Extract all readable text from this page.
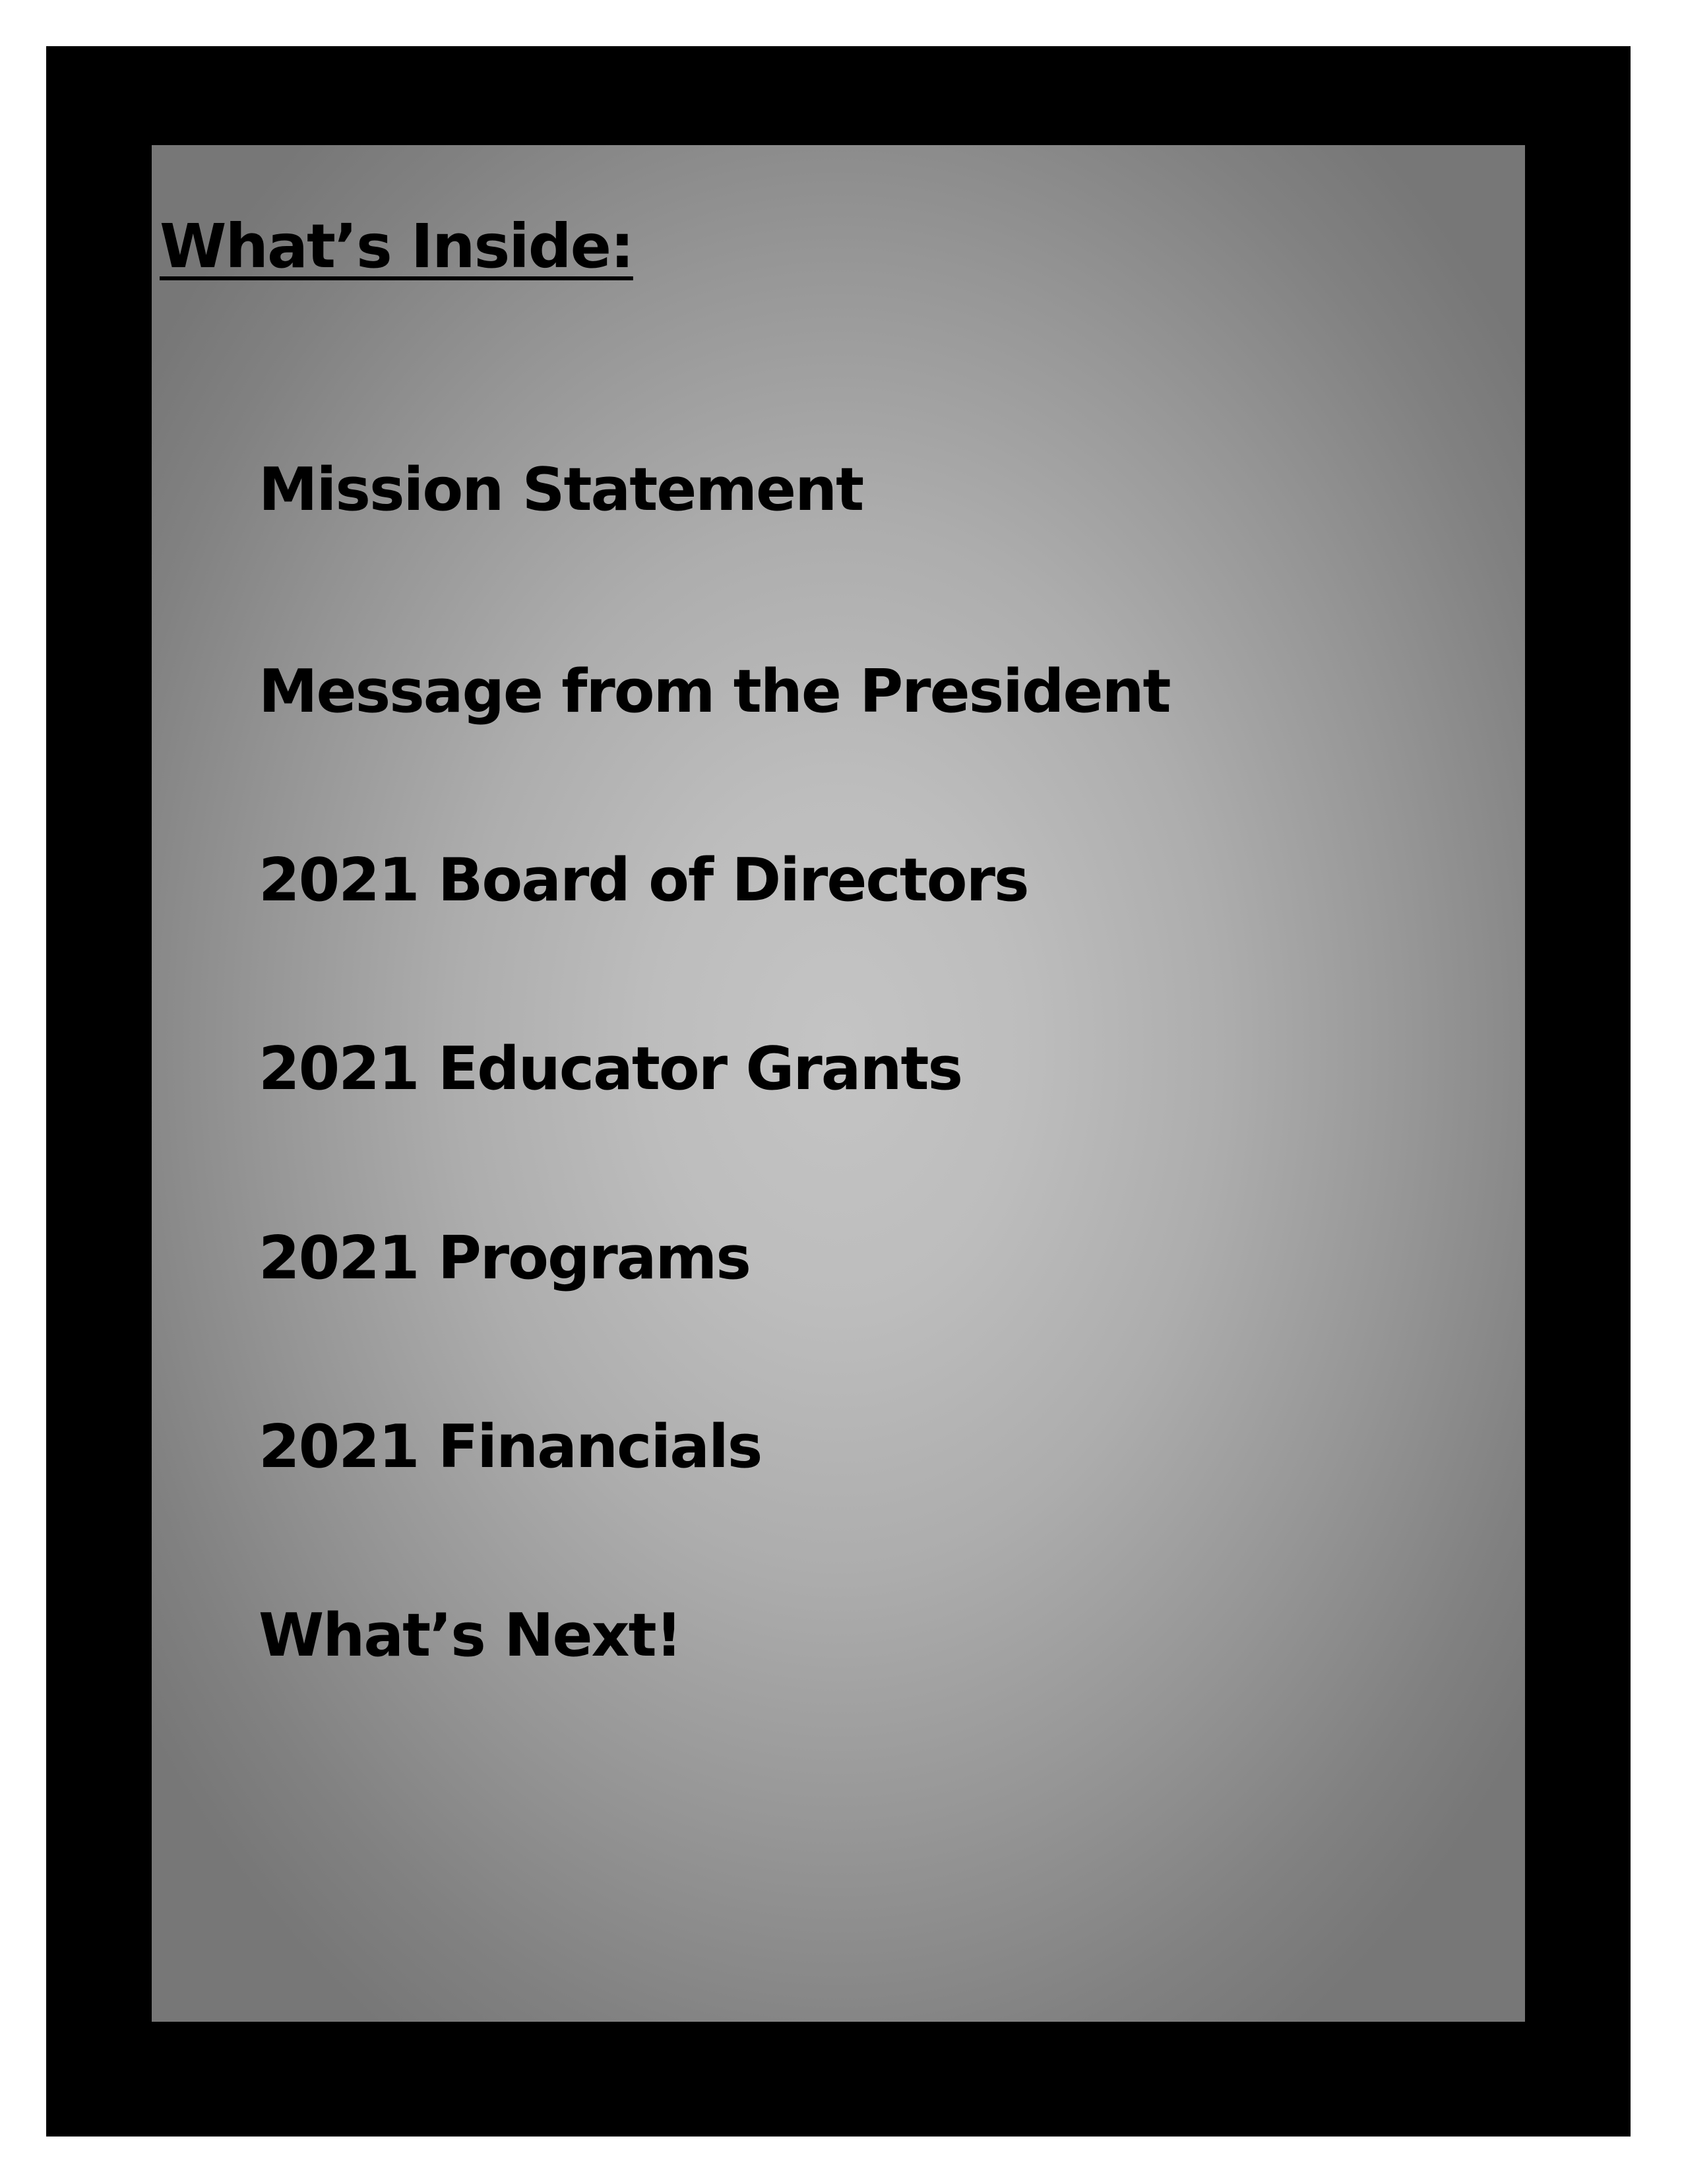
What’s Inside:
Mission Statement
Message from the President
2021 Board of Directors
2021 Educator Grants
2021 Programs
2021 Financials
What’s Next!
